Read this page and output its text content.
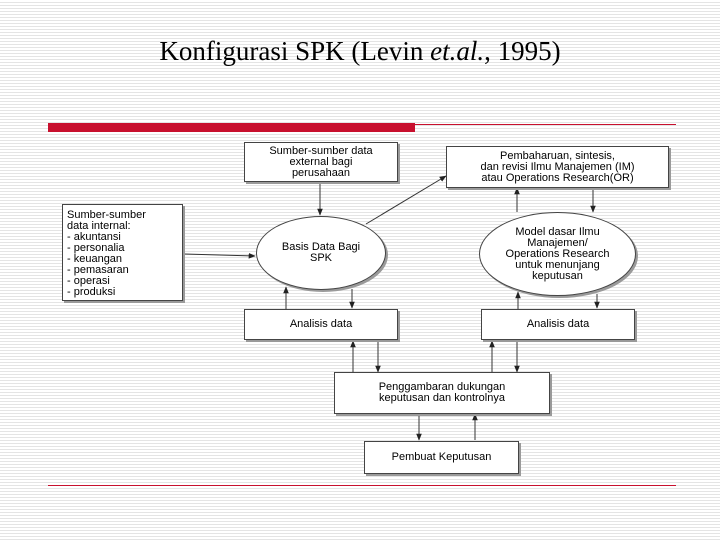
Konfigurasi SPK (Levin et.al., 1995)
Sumber-sumber data
external bagi
perusahaan
Sumber-sumber
data internal:
- akuntansi
- personalia
- keuangan
- pemasaran
- operasi
- produksi
Pembaharuan, sintesis,
dan revisi Ilmu Manajemen (IM)
atau Operations Research(OR)
Basis Data Bagi
SPK
Model dasar Ilmu
Manajemen/
Operations Research
untuk menunjang
keputusan
Analisis data	Analisis data
Penggambaran dukungan
keputusan dan kontrolnya
Pembuat Keputusan
